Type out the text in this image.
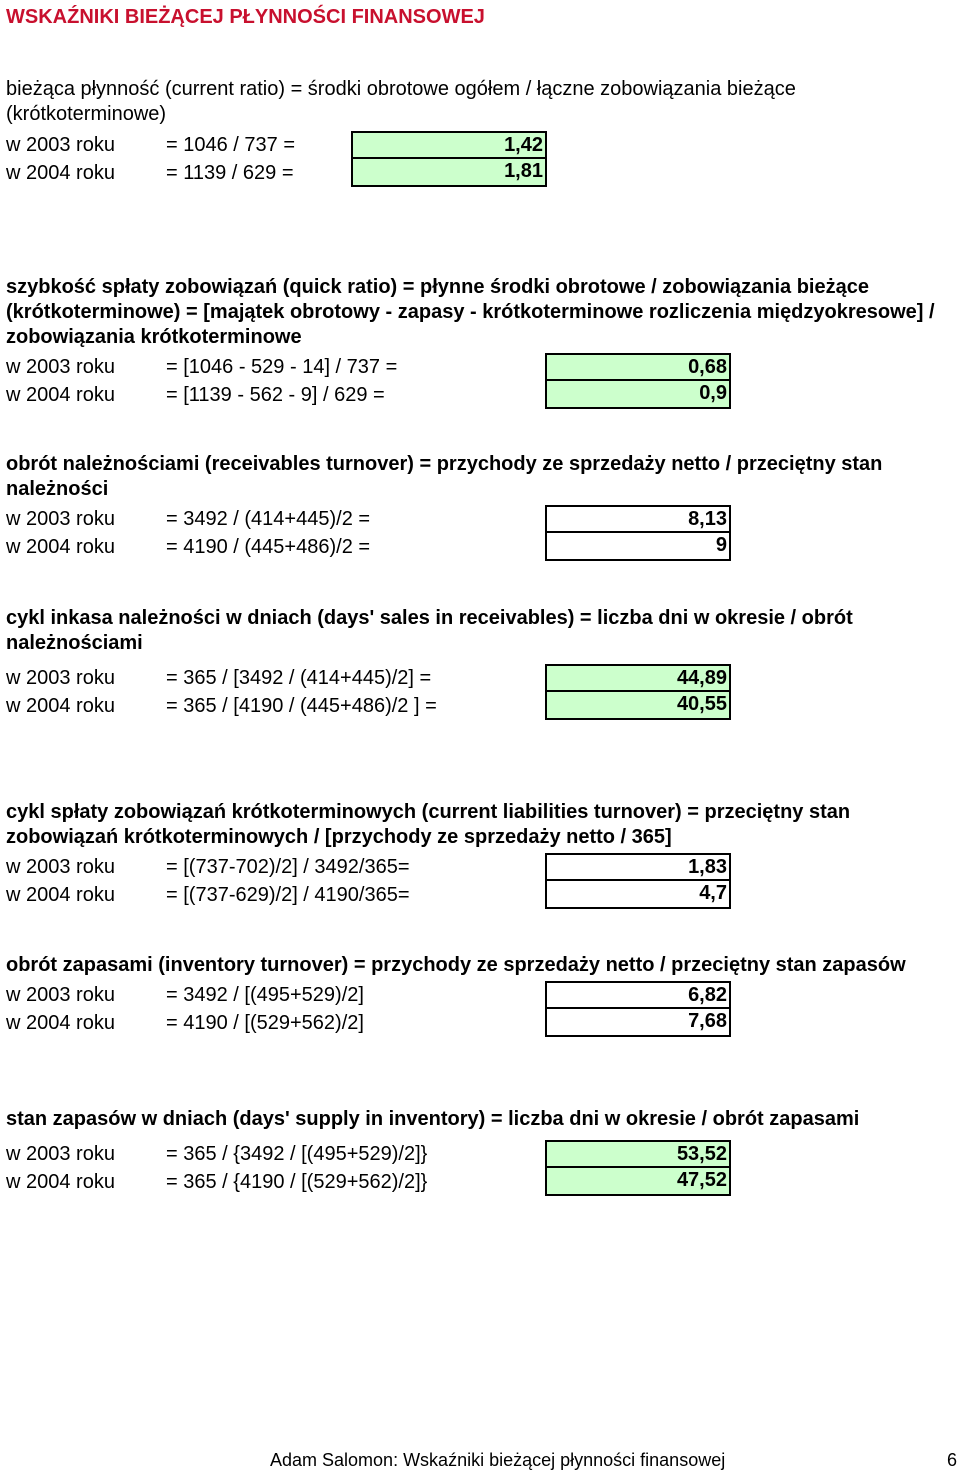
WSKAŹNIKI BIEŻĄCEJ PŁYNNOŚCI FINANSOWEJ
bieżąca płynność (current ratio) = środki obrotowe ogółem / łączne zobowiązania bieżące (krótkoterminowe)
w 2003 roku	= 1046 / 737 =	1,42
w 2004 roku	= 1139 / 629 =	1,81
szybkość spłaty zobowiązań (quick ratio) = płynne środki obrotowe / zobowiązania bieżące (krótkoterminowe) = [majątek obrotowy - zapasy - krótkoterminowe rozliczenia międzyokresowe] / zobowiązania krótkoterminowe
w 2003 roku	= [1046 - 529 - 14] / 737 =	0,68
w 2004 roku	= [1139 - 562 - 9] / 629 =	0,9
obrót należnościami (receivables turnover) = przychody ze sprzedaży netto / przeciętny stan należności
w 2003 roku	= 3492 / (414+445)/2 =	8,13
w 2004 roku	= 4190 / (445+486)/2 =	9
cykl inkasa należności w dniach (days' sales in receivables) = liczba dni w okresie / obrót należnościami
w 2003 roku	= 365 / [3492 / (414+445)/2] =	44,89
w 2004 roku	= 365 / [4190 / (445+486)/2 ] =	40,55
cykl spłaty zobowiązań krótkoterminowych (current liabilities turnover) = przeciętny stan zobowiązań krótkoterminowych / [przychody ze sprzedaży netto / 365]
w 2003 roku	= [(737-702)/2] / 3492/365=	1,83
w 2004 roku	= [(737-629)/2] / 4190/365=	4,7
obrót zapasami (inventory turnover) = przychody ze sprzedaży netto / przeciętny stan zapasów
w 2003 roku	= 3492 / [(495+529)/2]	6,82
w 2004 roku	= 4190 / [(529+562)/2]	7,68
stan zapasów w dniach (days' supply in inventory) = liczba dni w okresie / obrót zapasami
w 2003 roku	= 365 / {3492 / [(495+529)/2]}	53,52
w 2004 roku	= 365 / {4190 / [(529+562)/2]}	47,52
Adam Salomon: Wskaźniki bieżącej płynności finansowej	6
